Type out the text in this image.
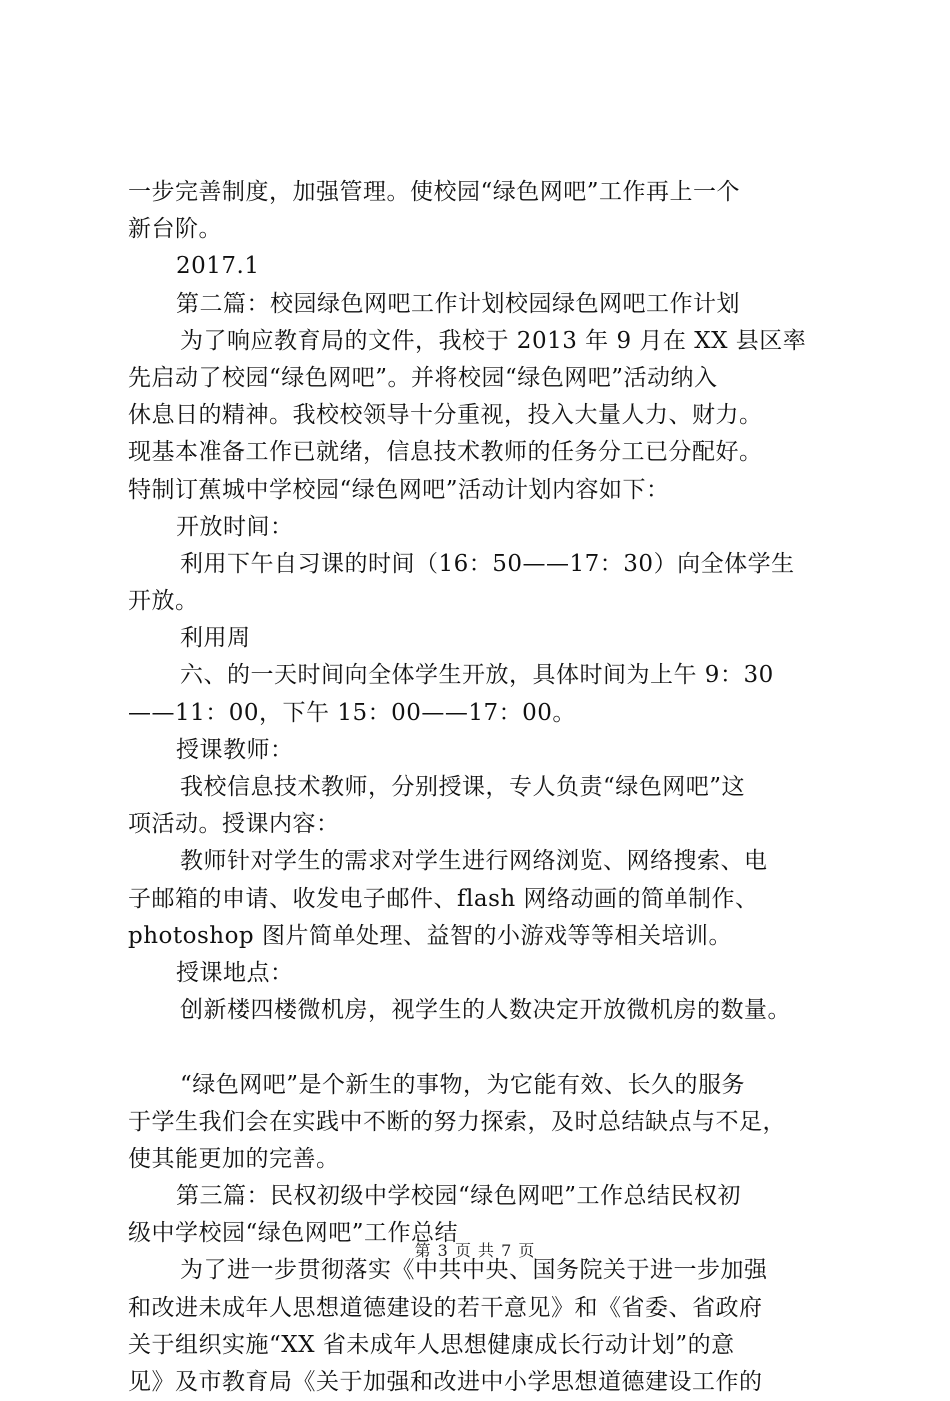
一步完善制度，加强管理。使校园“绿色网吧”工作再上一个
新台阶。
2017.1
第二篇：校园绿色网吧工作计划校园绿色网吧工作计划
为了响应教育局的文件，我校于 2013 年 9 月在 XX 县区率
先启动了校园“绿色网吧”。并将校园“绿色网吧”活动纳入
休息日的精神。我校校领导十分重视，投入大量人力、财力。
现基本准备工作已就绪，信息技术教师的任务分工已分配好。
特制订蕉城中学校园“绿色网吧”活动计划内容如下：
开放时间：
利用下午自习课的时间（16：50——17：30）向全体学生
开放。
利用周
六、的一天时间向全体学生开放，具体时间为上午 9：30
——11：00，下午 15：00——17：00。
授课教师：
我校信息技术教师，分别授课，专人负责“绿色网吧”这
项活动。授课内容：
教师针对学生的需求对学生进行网络浏览、网络搜索、电
子邮箱的申请、收发电子邮件、flash 网络动画的简单制作、
photoshop 图片简单处理、益智的小游戏等等相关培训。
授课地点：
创新楼四楼微机房，视学生的人数决定开放微机房的数量。
“绿色网吧”是个新生的事物，为它能有效、长久的服务
于学生我们会在实践中不断的努力探索，及时总结缺点与不足，
使其能更加的完善。
第三篇：民权初级中学校园“绿色网吧”工作总结民权初
级中学校园“绿色网吧”工作总结
为了进一步贯彻落实《中共中央、国务院关于进一步加强
和改进未成年人思想道德建设的若干意见》和《省委、省政府
关于组织实施“XX 省未成年人思想健康成长行动计划”的意
见》及市教育局《关于加强和改进中小学思想道德建设工作的
第 3 页 共 7 页
